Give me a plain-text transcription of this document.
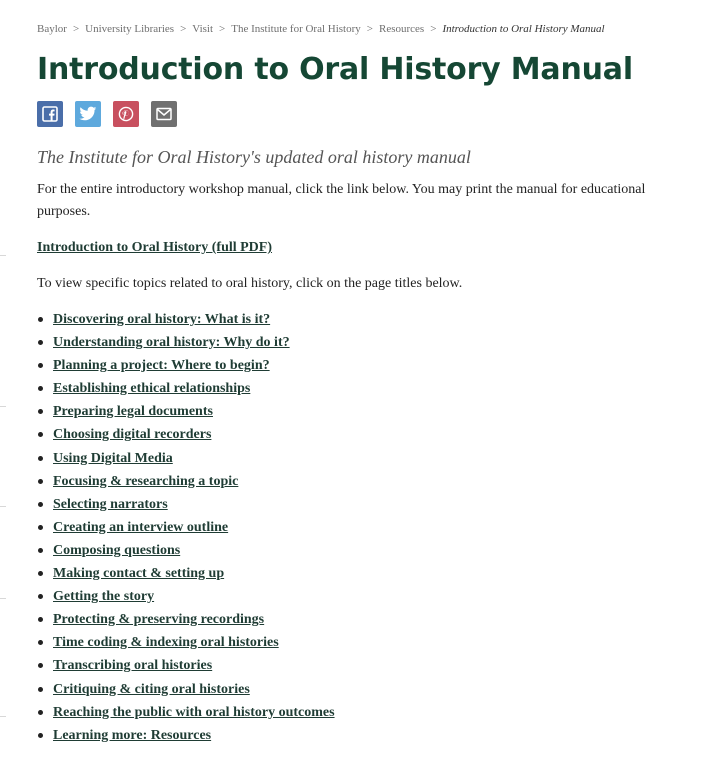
Baylor > University Libraries > Visit > The Institute for Oral History > Resources > Introduction to Oral History Manual
Introduction to Oral History Manual
The Institute for Oral History's updated oral history manual

For the entire introductory workshop manual, click the link below. You may print the manual for educational purposes.

Introduction to Oral History (full PDF)

To view specific topics related to oral history, click on the page titles below.

Discovering oral history: What is it?
Understanding oral history: Why do it?
Planning a project: Where to begin?
Establishing ethical relationships
Preparing legal documents
Choosing digital recorders
Using Digital Media
Focusing & researching a topic
Selecting narrators
Creating an interview outline
Composing questions
Making contact & setting up
Getting the story
Protecting & preserving recordings
Time coding & indexing oral histories
Transcribing oral histories
Critiquing & citing oral histories
Reaching the public with oral history outcomes
Learning more: Resources
